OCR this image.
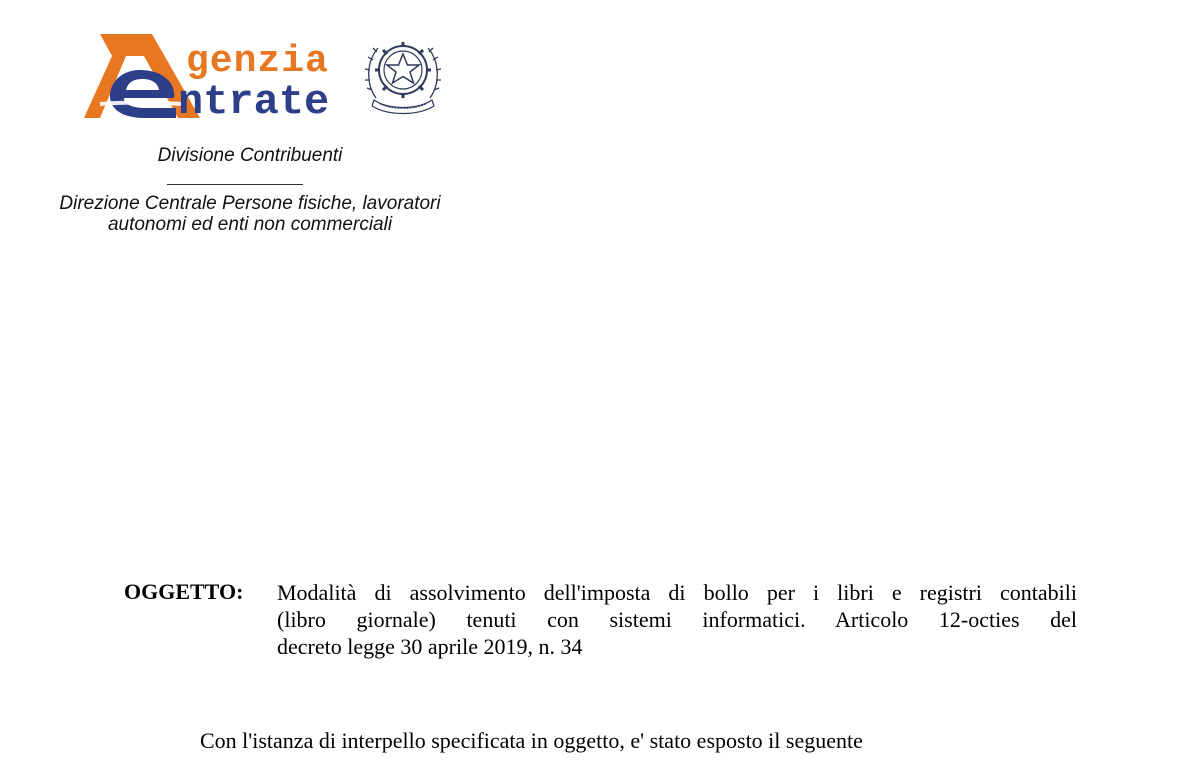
genzia
ntrate
Divisione Contribuenti
Direzione Centrale Persone fisiche, lavoratori
autonomi ed enti non commerciali
OGGETTO: Modalità di assolvimento dell'imposta di bollo per i libri e registri contabili
(libro giornale) tenuti con sistemi informatici. Articolo 12-octies del
decreto legge 30 aprile 2019, n. 34
Con l'istanza di interpello specificata in oggetto, e' stato esposto il seguente
